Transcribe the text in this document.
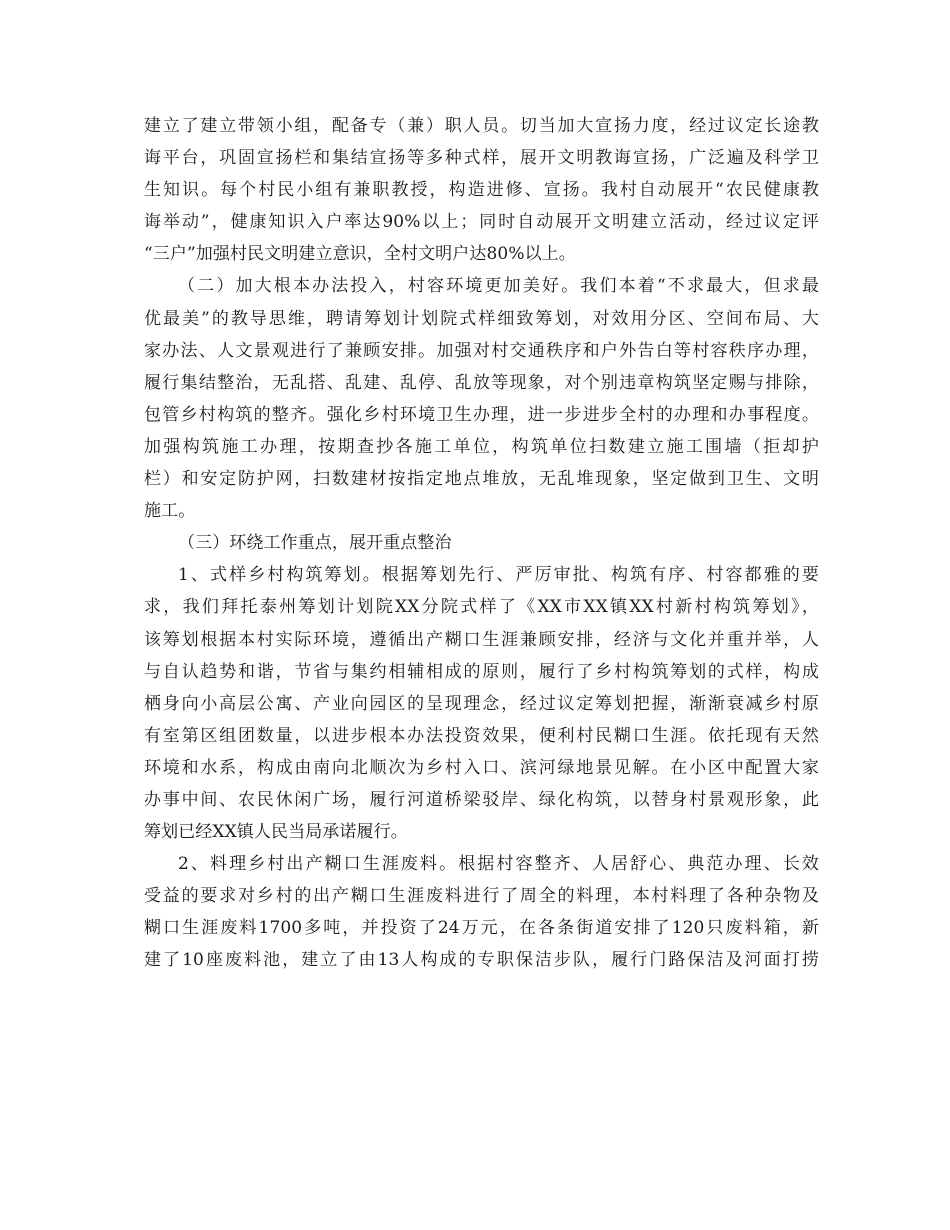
建立了建立带领小组，配备专（兼）职人员。切当加大宣扬力度，经过议定长途教
诲平台，巩固宣扬栏和集结宣扬等多种式样，展开文明教诲宣扬，广泛遍及科学卫
生知识。每个村民小组有兼职教授，构造进修、宣扬。我村自动展开“农民健康教
诲举动”，健康知识入户率达90%以上；同时自动展开文明建立活动，经过议定评
“三户”加强村民文明建立意识，全村文明户达80%以上。
（二）加大根本办法投入，村容环境更加美好。我们本着“不求最大，但求最
优最美”的教导思维，聘请筹划计划院式样细致筹划，对效用分区、空间布局、大
家办法、人文景观进行了兼顾安排。加强对村交通秩序和户外告白等村容秩序办理，
履行集结整治，无乱搭、乱建、乱停、乱放等现象，对个别违章构筑坚定赐与排除，
包管乡村构筑的整齐。强化乡村环境卫生办理，进一步进步全村的办理和办事程度。
加强构筑施工办理，按期查抄各施工单位，构筑单位扫数建立施工围墙（拒却护
栏）和安定防护网，扫数建材按指定地点堆放，无乱堆现象，坚定做到卫生、文明
施工。
（三）环绕工作重点，展开重点整治
1、式样乡村构筑筹划。根据筹划先行、严厉审批、构筑有序、村容都雅的要
求，我们拜托泰州筹划计划院XX分院式样了《XX市XX镇XX村新村构筑筹划》，
该筹划根据本村实际环境，遵循出产糊口生涯兼顾安排，经济与文化并重并举，人
与自认趋势和谐，节省与集约相辅相成的原则，履行了乡村构筑筹划的式样，构成
栖身向小高层公寓、产业向园区的呈现理念，经过议定筹划把握，渐渐衰减乡村原
有室第区组团数量，以进步根本办法投资效果，便利村民糊口生涯。依托现有天然
环境和水系，构成由南向北顺次为乡村入口、滨河绿地景见解。在小区中配置大家
办事中间、农民休闲广场，履行河道桥梁驳岸、绿化构筑，以替身村景观形象，此
筹划已经XX镇人民当局承诺履行。
2、料理乡村出产糊口生涯废料。根据村容整齐、人居舒心、典范办理、长效
受益的要求对乡村的出产糊口生涯废料进行了周全的料理，本村料理了各种杂物及
糊口生涯废料1700多吨，并投资了24万元，在各条街道安排了120只废料箱，新
建了10座废料池，建立了由13人构成的专职保洁步队，履行门路保洁及河面打捞
